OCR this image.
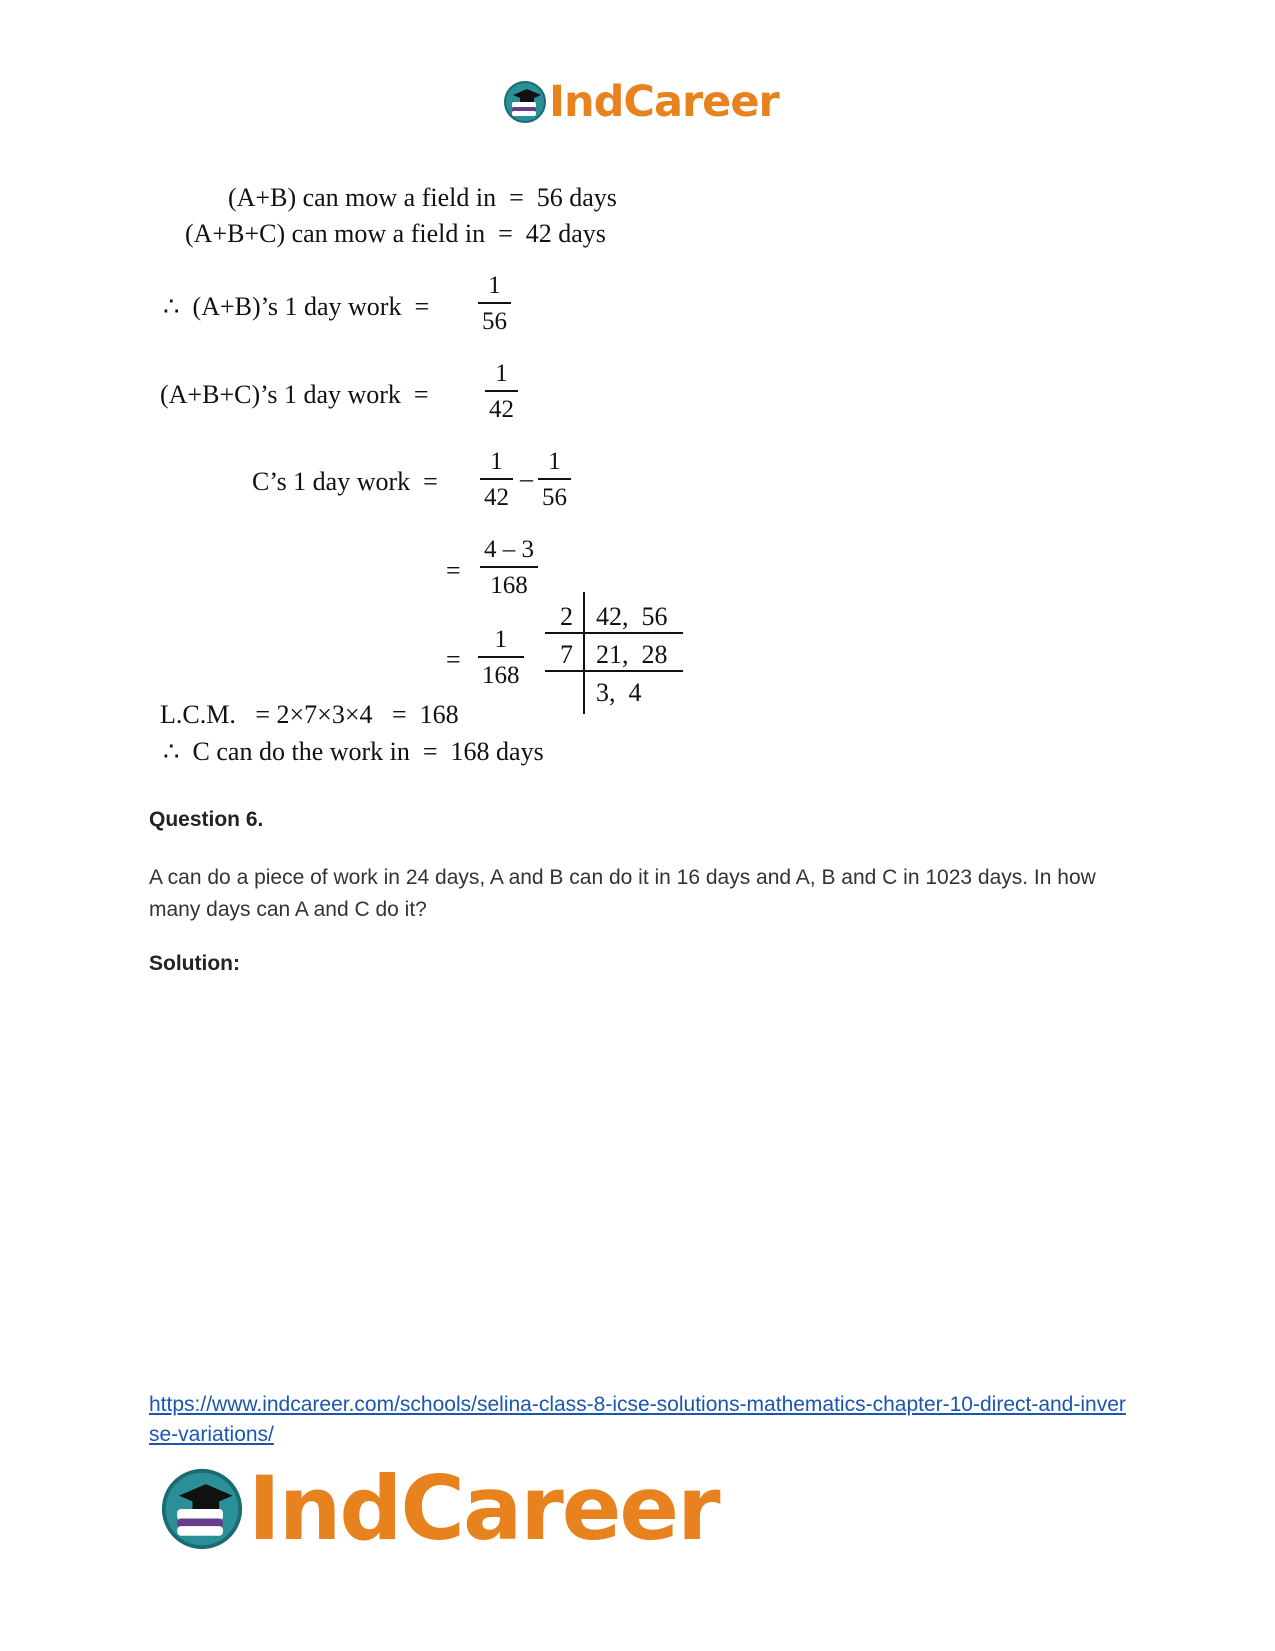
IndCareer

(A+B) can mow a field in  =  56 days

(A+B+C) can mow a field in  =  42 days

∴  (A+B)’s 1 day work  =

1
56

(A+B+C)’s 1 day work  =

1
42

C’s 1 day work  =

1
42

–

1
56

=

4 – 3
168

=

1
168

2

42,  56

7

21,  28

3,  4

L.C.M.   = 2×7×3×4   =  168

∴  C can do the work in  =  168 days

Question 6.
A can do a piece of work in 24 days, A and B can do it in 16 days and A, B and C in 1023 days. In how many days can A and C do it?
Solution:
https://www.indcareer.com/schools/selina-class-8-icse-solutions-mathematics-chapter-10-direct-and-inverse-variations/
IndCareer
